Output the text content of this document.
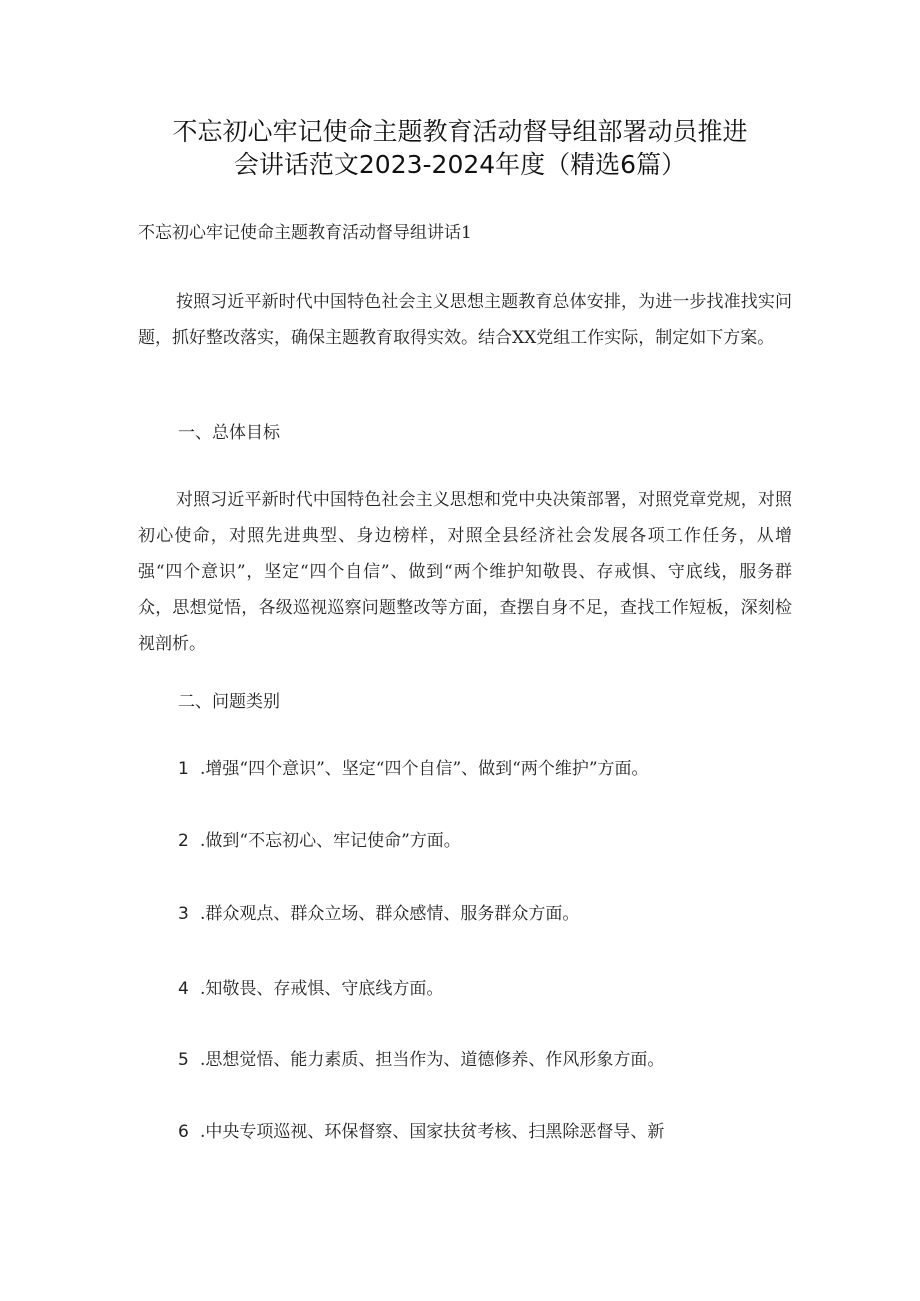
不忘初心牢记使命主题教育活动督导组部署动员推进
会讲话范文2023-2024年度（精选6篇）
不忘初心牢记使命主题教育活动督导组讲话1
按照习近平新时代中国特色社会主义思想主题教育总体安排，为进一步找准找实问题，抓好整改落实，确保主题教育取得实效。结合XX党组工作实际，制定如下方案。
一、总体目标
对照习近平新时代中国特色社会主义思想和党中央决策部署，对照党章党规，对照初心使命，对照先进典型、身边榜样，对照全县经济社会发展各项工作任务，从增强“四个意识”，坚定“四个自信”、做到“两个维护知敬畏、存戒惧、守底线，服务群众，思想觉悟，各级巡视巡察问题整改等方面，查摆自身不足，查找工作短板，深刻检视剖析。
二、问题类别
1 .增强“四个意识”、坚定“四个自信”、做到“两个维护”方面。
2 .做到“不忘初心、牢记使命”方面。
3 .群众观点、群众立场、群众感情、服务群众方面。
4 .知敬畏、存戒惧、守底线方面。
5 .思想觉悟、能力素质、担当作为、道德修养、作风形象方面。
6 .中央专项巡视、环保督察、国家扶贫考核、扫黑除恶督导、新
